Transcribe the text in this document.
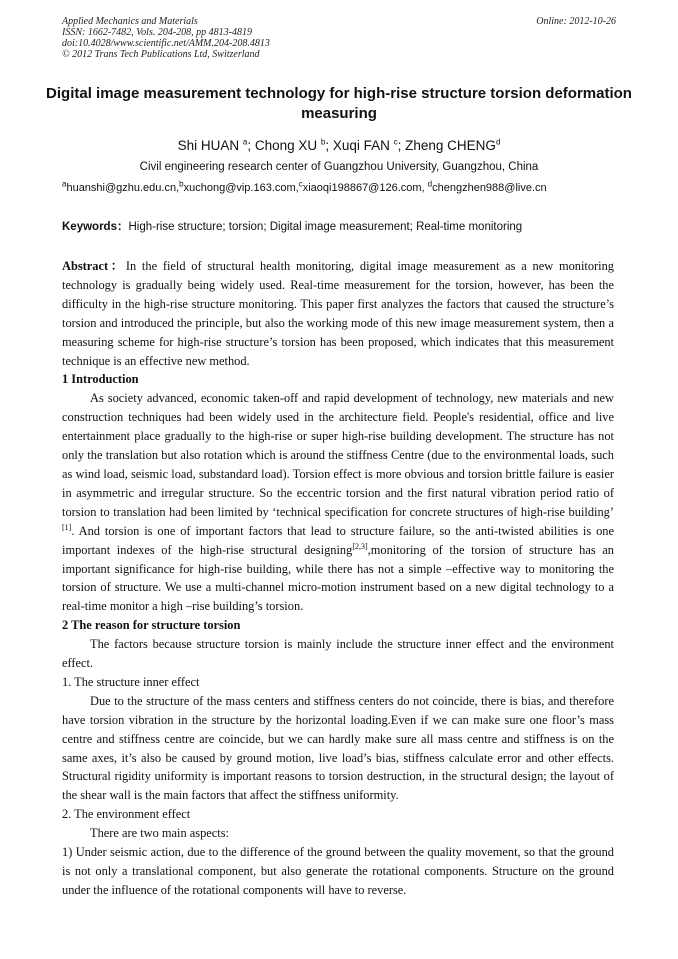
Applied Mechanics and Materials
ISSN: 1662-7482, Vols. 204-208, pp 4813-4819
doi:10.4028/www.scientific.net/AMM.204-208.4813
© 2012 Trans Tech Publications Ltd, Switzerland
Online: 2012-10-26
Digital image measurement technology for high-rise structure torsion deformation measuring
Shi HUAN $^a$; Chong XU $^b$; Xuqi FAN $^c$; Zheng CHENG$^d$
Civil engineering research center of Guangzhou University, Guangzhou, China
$^a$huanshi@gzhu.edu.cn,$^b$xuchong@vip.163.com,$^c$xiaoqi198867@126.com, $^d$chengzhen988@live.cn
Keywords：High-rise structure; torsion; Digital image measurement; Real-time monitoring

Abstract：In the field of structural health monitoring, digital image measurement as a new monitoring technology is gradually being widely used. Real-time measurement for the torsion, however, has been the difficulty in the high-rise structure monitoring. This paper first analyzes the factors that caused the structure’s torsion and introduced the principle, but also the working mode of this new image measurement system, then a measuring scheme for high-rise structure’s torsion has been proposed, which indicates that this measurement technique is an effective new method.

1 Introduction

As society advanced, economic taken-off and rapid development of technology, new materials and new construction techniques had been widely used in the architecture field. People's residential, office and live entertainment place gradually to the high-rise or super high-rise building development. The structure has not only the translation but also rotation which is around the stiffness Centre (due to the environmental loads, such as wind load, seismic load, substandard load). Torsion effect is more obvious and torsion brittle failure is easier in asymmetric and irregular structure. So the eccentric torsion and the first natural vibration period ratio of torsion to translation had been limited by ‘technical specification for concrete structures of high-rise building’ [1]. And torsion is one of important factors that lead to structure failure, so the anti-twisted abilities is one important indexes of the high-rise structural designing[2,3],monitoring of the torsion of structure has an important significance for high-rise building, while there has not a simple –effective way to monitoring the torsion of structure. We use a multi-channel micro-motion instrument based on a new digital technology to a real-time monitor a high –rise building’s torsion.

2 The reason for structure torsion

The factors because structure torsion is mainly include the structure inner effect and the environment effect.

1. The structure inner effect

Due to the structure of the mass centers and stiffness centers do not coincide, there is bias, and therefore have torsion vibration in the structure by the horizontal loading.Even if we can make sure one floor’s mass centre and stiffness centre are coincide, but we can hardly make sure all mass centre and stiffness is on the same axes, it’s also be caused by ground motion, live load’s bias, stiffness calculate error and other effects. Structural rigidity uniformity is important reasons to torsion destruction, in the structural design; the layout of the shear wall is the main factors that affect the stiffness uniformity.

2. The environment effect

There are two main aspects:

1) Under seismic action, due to the difference of the ground between the quality movement, so that the ground is not only a translational component, but also generate the rotational components. Structure on the ground under the influence of the rotational components will have to reverse.
